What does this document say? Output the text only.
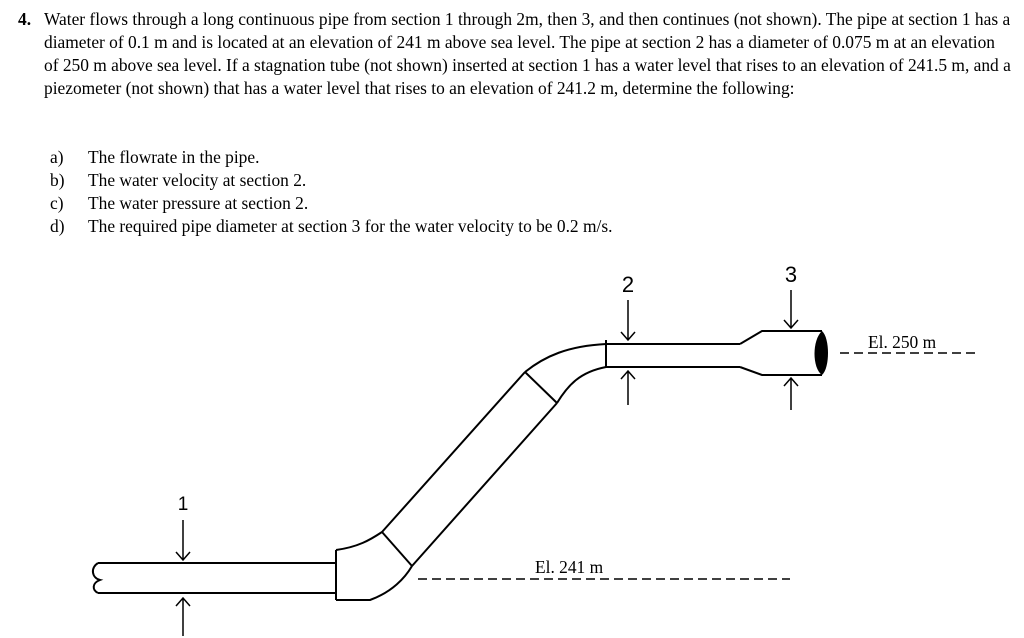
4. Water flows through a long continuous pipe from section 1 through 2m, then 3, and then continues (not shown). The pipe at section 1 has a diameter of 0.1 m and is located at an elevation of 241 m above sea level. The pipe at section 2 has a diameter of 0.075 m at an elevation of 250 m above sea level. If a stagnation tube (not shown) inserted at section 1 has a water level that rises to an elevation of 241.5 m, and a piezometer (not shown) that has a water level that rises to an elevation of 241.2 m, determine the following:
a) The flowrate in the pipe.
b) The water velocity at section 2.
c) The water pressure at section 2.
d) The required pipe diameter at section 3 for the water velocity to be 0.2 m/s.
1
2	3
El. 241 m
El. 250 m
